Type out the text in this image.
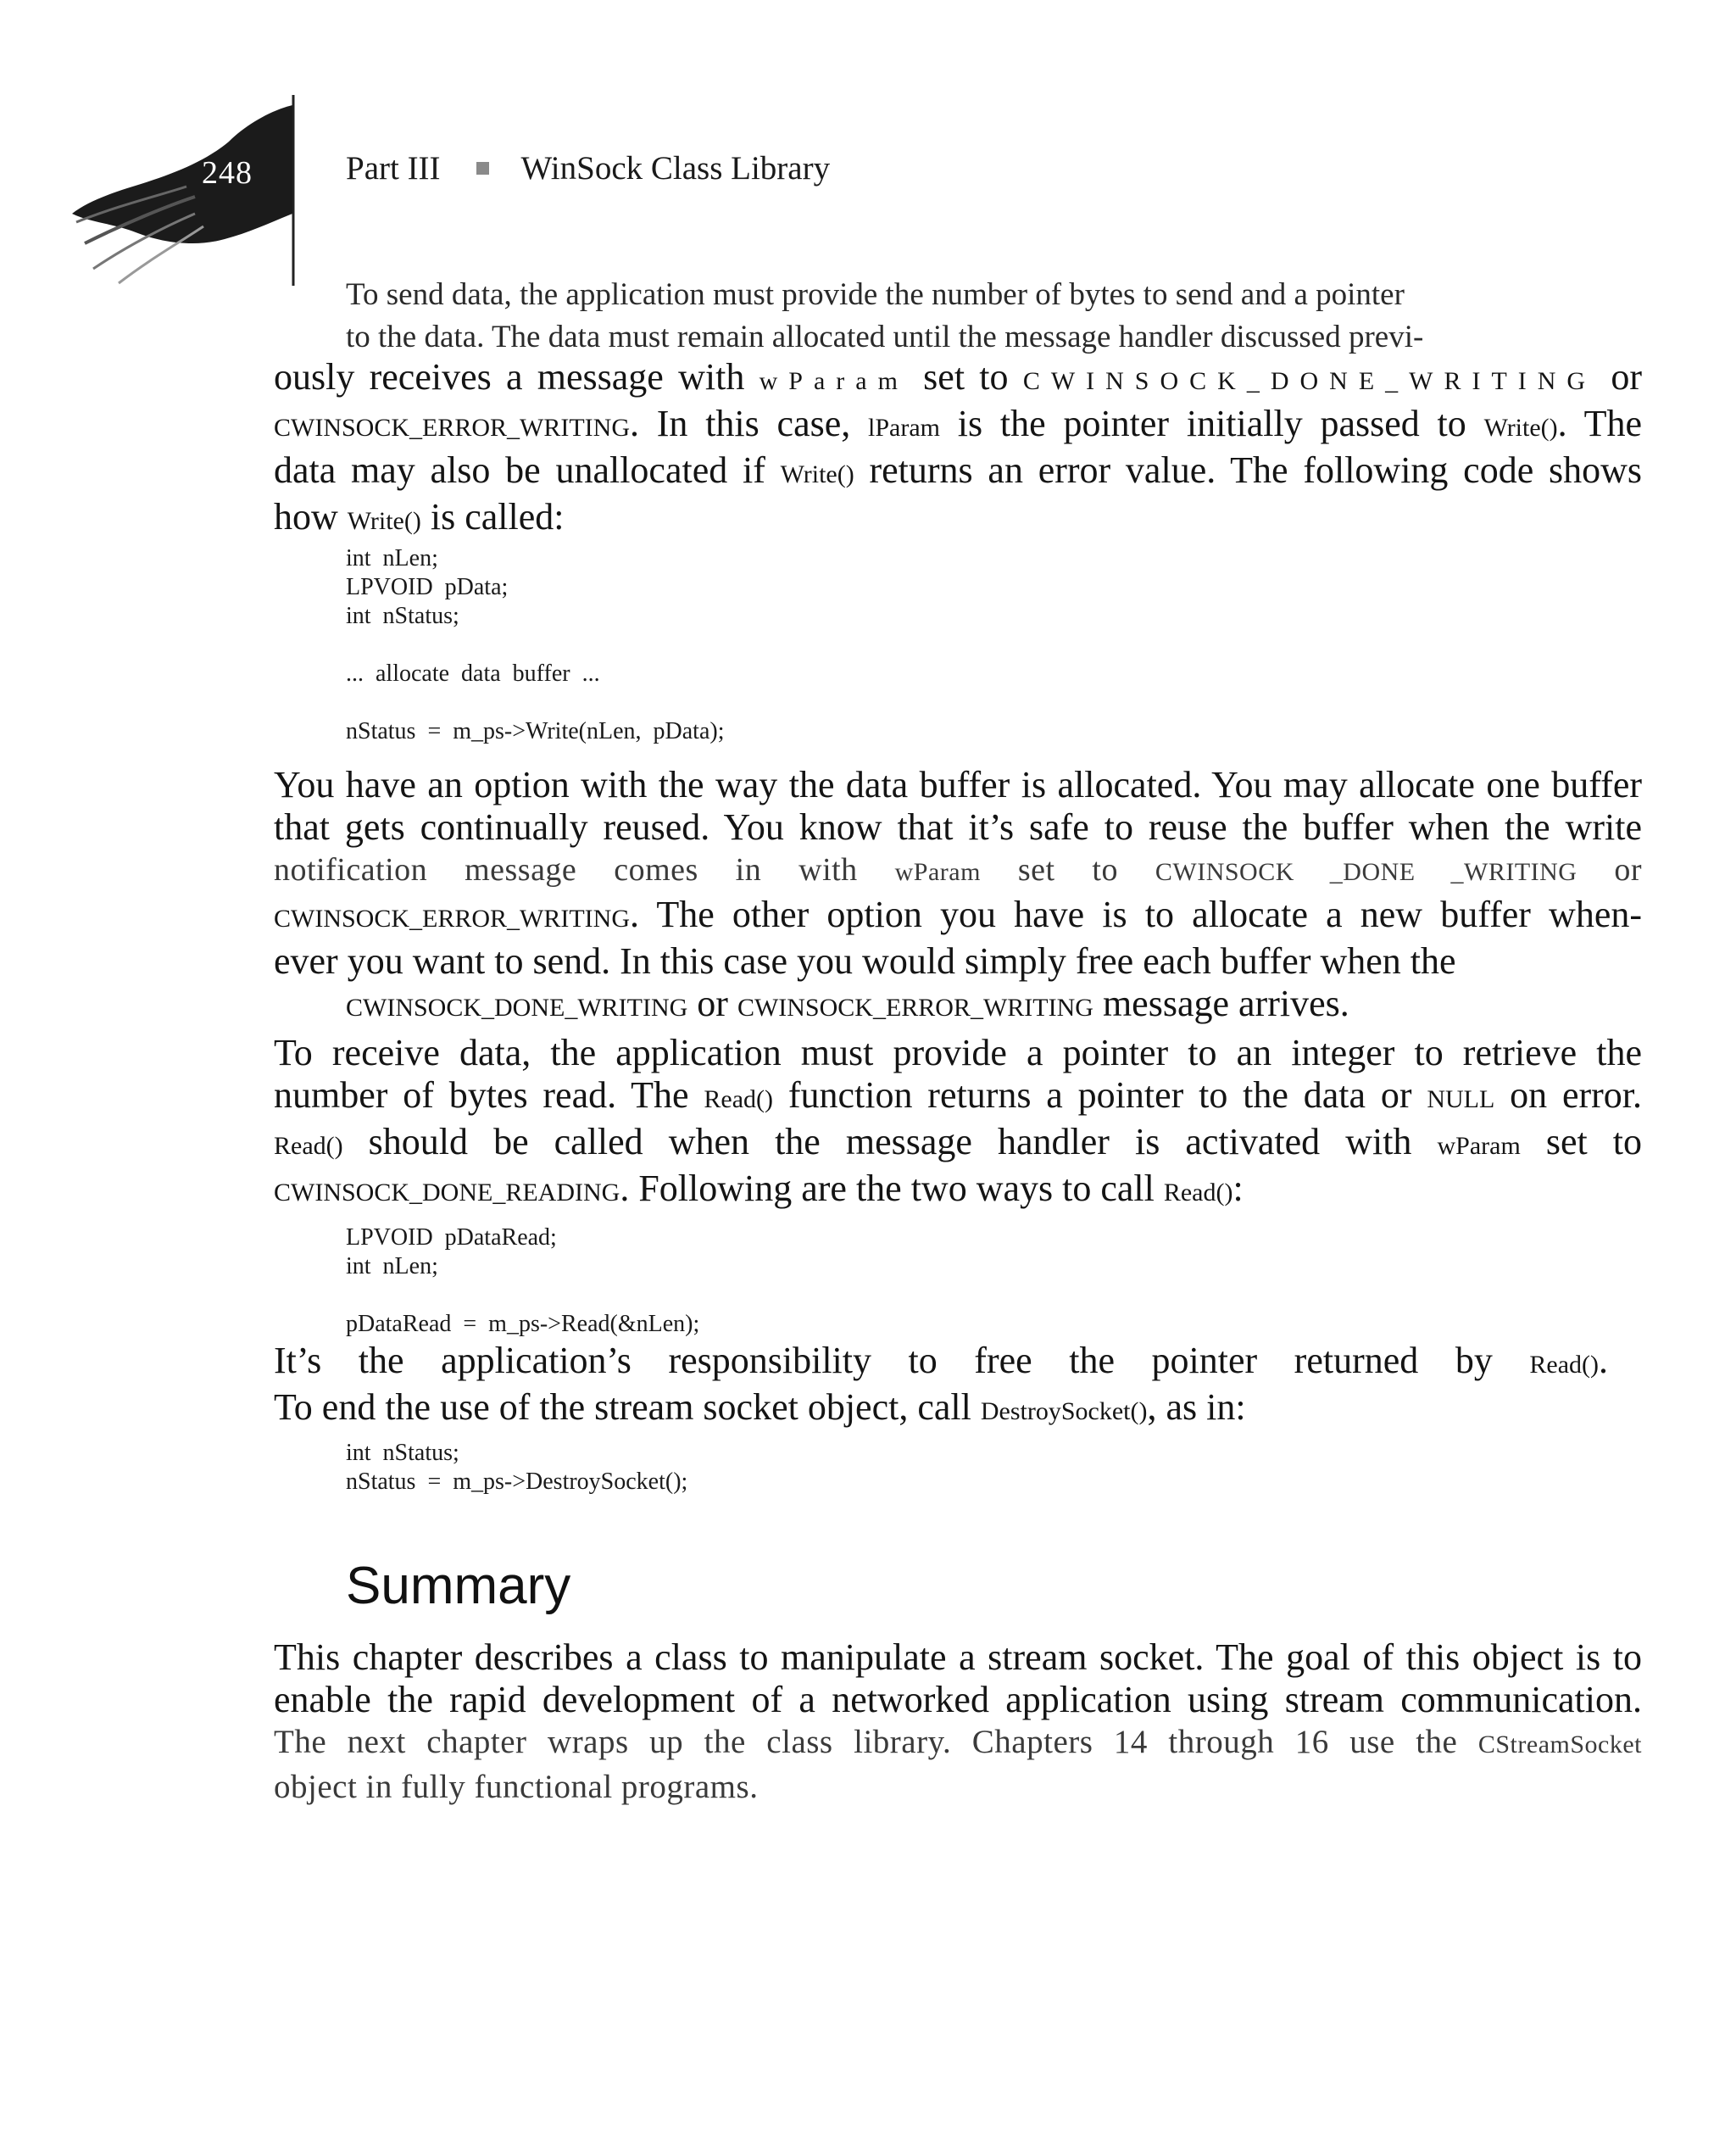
248	Part III WinSock Class Library
To send data, the application must provide the number of bytes to send and a pointer
to the data. The data must remain allocated until the message handler discussed previ-
ously receives a message with wParam set to CWINSOCK_DONE_WRITING or
CWINSOCK_ERROR_WRITING. In this case, lParam is the pointer initially passed to Write(). The
data may also be unallocated if Write() returns an error value. The following code shows
how Write() is called:
int  nLen;
LPVOID  pData;
int  nStatus;

...  allocate  data  buffer  ...

nStatus  =  m_ps->Write(nLen,  pData);
You have an option with the way the data buffer is allocated. You may allocate one buffer
that gets continually reused. You know that it’s safe to reuse the buffer when the write
notification message comes in with wParam set to CWINSOCK _DONE _WRITING or
CWINSOCK_ERROR_WRITING. The other option you have is to allocate a new buffer when-
ever you want to send. In this case you would simply free each buffer when the
CWINSOCK_DONE_WRITING or CWINSOCK_ERROR_WRITING message arrives.
To receive data, the application must provide a pointer to an integer to retrieve the
number of bytes read. The Read() function returns a pointer to the data or NULL on error.
Read() should be called when the message handler is activated with wParam set to
CWINSOCK_DONE_READING. Following are the two ways to call Read():
LPVOID  pDataRead;
int  nLen;

pDataRead  =  m_ps->Read(&nLen);
It’s the application’s responsibility to free the pointer returned by Read().
To end the use of the stream socket object, call DestroySocket(), as in:
int  nStatus;
nStatus  =  m_ps->DestroySocket();
Summary
This chapter describes a class to manipulate a stream socket. The goal of this object is to
enable the rapid development of a networked application using stream communication.
The next chapter wraps up the class library. Chapters 14 through 16 use the CStreamSocket
object in fully functional programs.
